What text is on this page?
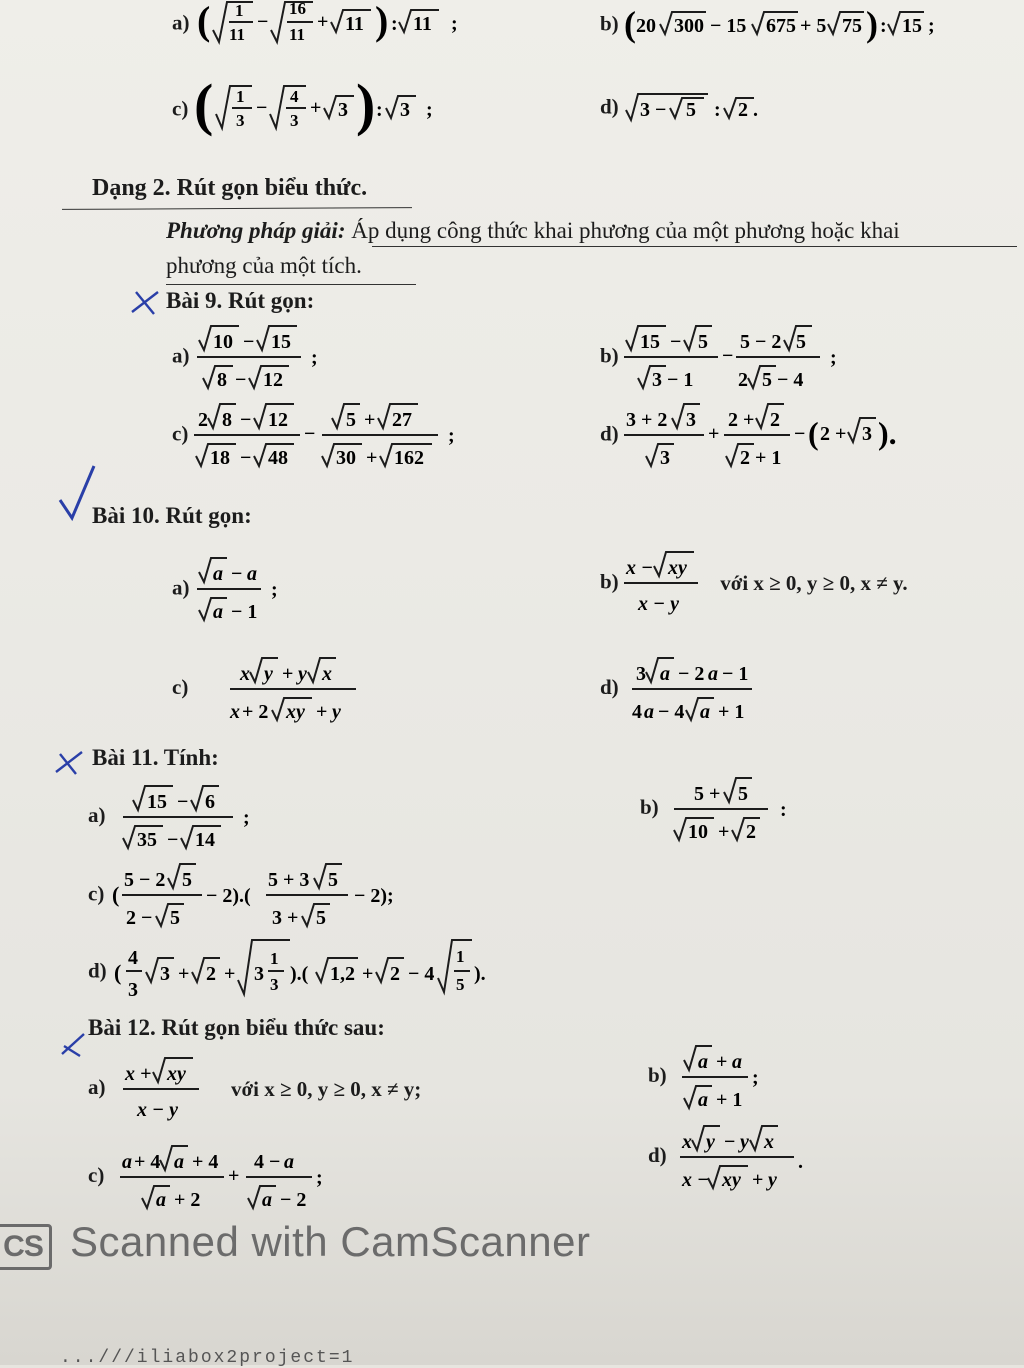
a) ( 1
11
−
16
11
+ 11 ) : 11 ;	b) ( 20 300 − 15 675 + 5 75 ) : 15 ;
c) ( 1
3
−
4
3
+ 3 ) : 3 ;	d) 3 − 5 : 2 .
Dạng 2. Rút gọn biểu thức.
Phương pháp giải: Áp dụng công thức khai phương của một phương hoặc khai
phương của một tích.
Bài 9. Rút gọn:
a)
10 − 15
8 − 12
;	b)
15 − 5
3 − 1
−
5 − 2 5
2 5 − 4
;
c)
2 8 − 12
18 − 48
−
5 + 27
30 + 162
;	d)
3 + 2 3
3
+
2 + 2
2 + 1
− ( 2 + 3 ).
Bài 10. Rút gọn:
a)
a − a
a − 1
;	b)
x − xy
x − y
với x ≥ 0, y ≥ 0, x ≠ y.
c)
x y + y x
x + 2 xy + y
d)
3 a − 2 a − 1
4 a − 4 a + 1
Bài 11. Tính:
a)
15 − 6
35 − 14
;	b)
5 + 5
10 + 2
:
c) (
5 − 2 5
2 − 5
− 2).(
5 + 3 5
3 + 5
− 2);
d) (
4
3
3 + 2 + 3
1
3 ).( 1,2 + 2 − 4
1
5 ).
Bài 12. Rút gọn biểu thức sau:
a)
x + xy
x − y
với x ≥ 0, y ≥ 0, x ≠ y;
b)
a + a
a + 1
;
c)
a + 4 a + 4
a + 2
+
4 − a
a − 2
;
d)
x y − y x
x − xy + y
.
CS Scanned with CamScanner
...///iliabox2project=1
